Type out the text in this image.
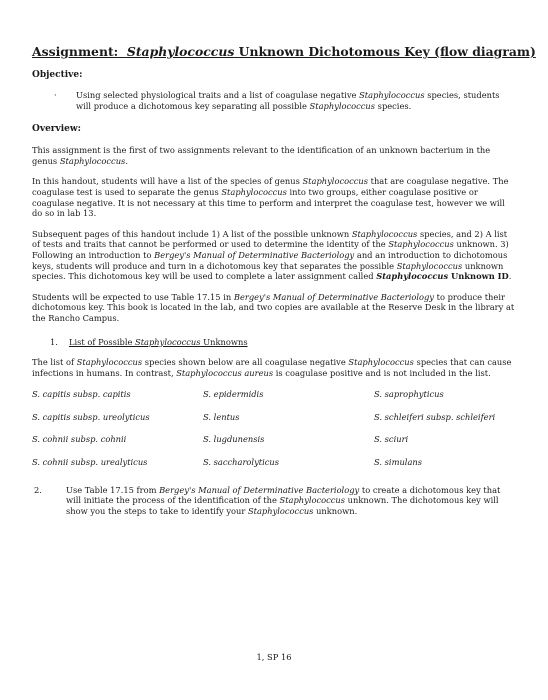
Assignment: Staphylococcus Unknown Dichotomous Key (flow diagram)
Objective:

· Using selected physiological traits and a list of coagulase negative Staphylococcus species, students will produce a dichotomous key separating all possible Staphylococcus species.

Overview:

This assignment is the first of two assignments relevant to the identification of an unknown bacterium in the genus Staphylococcus.

In this handout, students will have a list of the species of genus Staphylococcus that are coagulase negative. The coagulase test is used to separate the genus Staphylococcus into two groups, either coagulase positive or coagulase negative. It is not necessary at this time to perform and interpret the coagulase test, however we will do so in lab 13.

Subsequent pages of this handout include 1) A list of the possible unknown Staphylococcus species, and 2) A list of tests and traits that cannot be performed or used to determine the identity of the Staphylococcus unknown. 3) Following an introduction to Bergey's Manual of Determinative Bacteriology and an introduction to dichotomous keys, students will produce and turn in a dichotomous key that separates the possible Staphylococcus unknown species. This dichotomous key will be used to complete a later assignment called Staphylococcus Unknown ID.

Students will be expected to use Table 17.15 in Bergey's Manual of Determinative Bacteriology to produce their dichotomous key. This book is located in the lab, and two copies are available at the Reserve Desk in the library at the Rancho Campus.

1. List of Possible Staphylococcus Unknowns

The list of Staphylococcus species shown below are all coagulase negative Staphylococcus species that can cause infections in humans. In contrast, Staphylococcus aureus is coagulase positive and is not included in the list.

S. capitis subsp. capitis	S. epidermidis	S. saprophyticus
S. capitis subsp. ureolyticus	S. lentus	S. schleiferi subsp. schleiferi
S. cohnii subsp. cohnii	S. lugdunensis	S. sciuri
S. cohnii subsp. urealyticus	S. saccharolyticus	S. simulans
2.	Use Table 17.15 from Bergey's Manual of Determinative Bacteriology to create a dichotomous key that will initiate the process of the identification of the Staphylococcus unknown. The dichotomous key will show you the steps to take to identify your Staphylococcus unknown.
1, SP 16
